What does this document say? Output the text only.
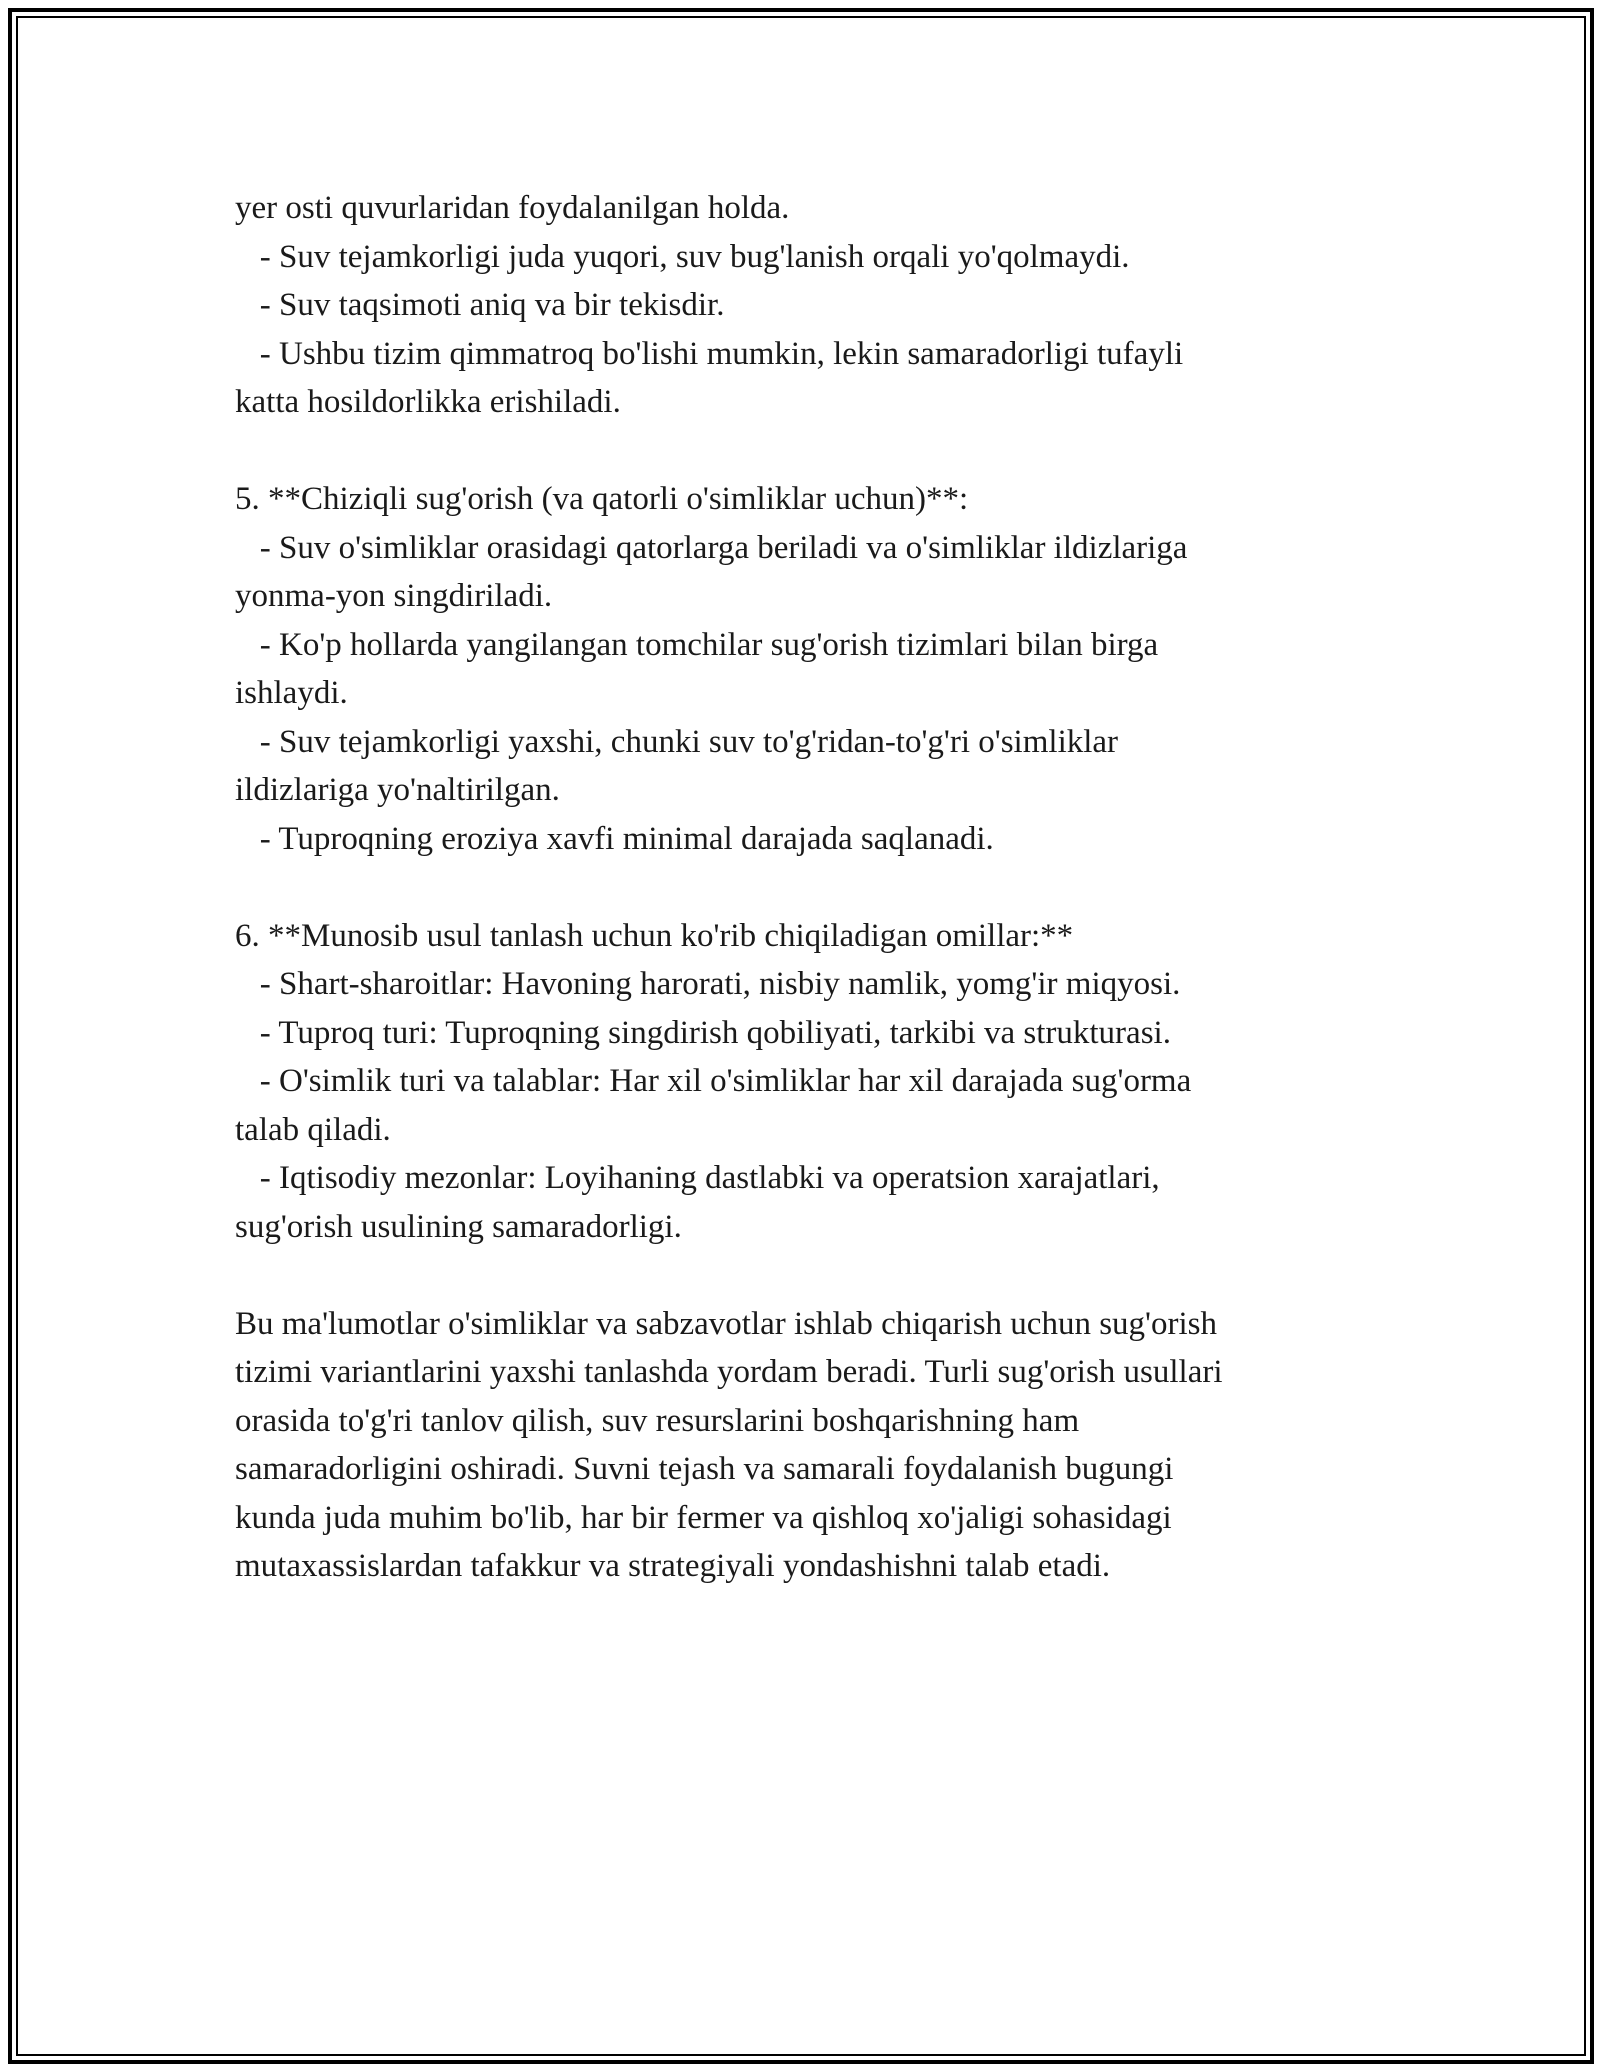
yer osti quvurlaridan foydalanilgan holda.
- Suv tejamkorligi juda yuqori, suv bug'lanish orqali yo'qolmaydi.
- Suv taqsimoti aniq va bir tekisdir.
- Ushbu tizim qimmatroq bo'lishi mumkin, lekin samaradorligi tufayli
katta hosildorlikka erishiladi.
5. **Chiziqli sug'orish (va qatorli o'simliklar uchun)**:
- Suv o'simliklar orasidagi qatorlarga beriladi va o'simliklar ildizlariga
yonma-yon singdiriladi.
- Ko'p hollarda yangilangan tomchilar sug'orish tizimlari bilan birga
ishlaydi.
- Suv tejamkorligi yaxshi, chunki suv to'g'ridan-to'g'ri o'simliklar
ildizlariga yo'naltirilgan.
- Tuproqning eroziya xavfi minimal darajada saqlanadi.
6. **Munosib usul tanlash uchun ko'rib chiqiladigan omillar:**
- Shart-sharoitlar: Havoning harorati, nisbiy namlik, yomg'ir miqyosi.
- Tuproq turi: Tuproqning singdirish qobiliyati, tarkibi va strukturasi.
- O'simlik turi va talablar: Har xil o'simliklar har xil darajada sug'orma
talab qiladi.
- Iqtisodiy mezonlar: Loyihaning dastlabki va operatsion xarajatlari,
sug'orish usulining samaradorligi.
Bu ma'lumotlar o'simliklar va sabzavotlar ishlab chiqarish uchun sug'orish
tizimi variantlarini yaxshi tanlashda yordam beradi. Turli sug'orish usullari
orasida to'g'ri tanlov qilish, suv resurslarini boshqarishning ham
samaradorligini oshiradi. Suvni tejash va samarali foydalanish bugungi
kunda juda muhim bo'lib, har bir fermer va qishloq xo'jaligi sohasidagi
mutaxassislardan tafakkur va strategiyali yondashishni talab etadi.
